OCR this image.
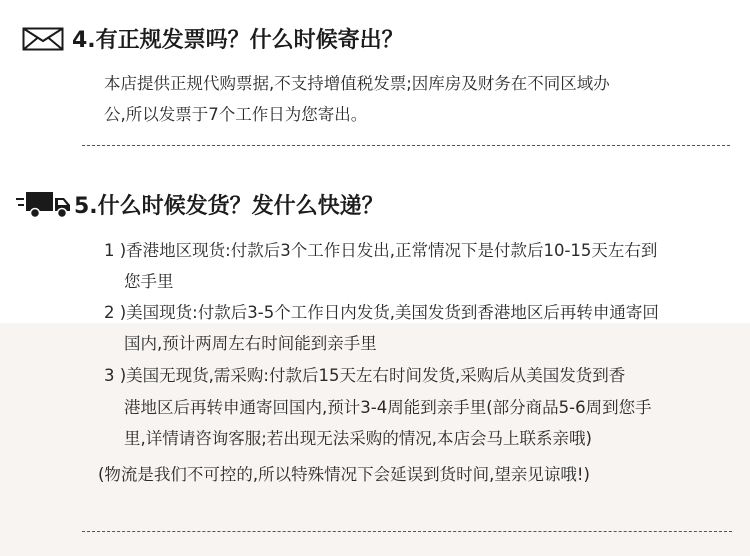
4.有正规发票吗？什么时候寄出？
本店提供正规代购票据,不支持增值税发票;因库房及财务在不同区域办
公,所以发票于7个工作日为您寄出。
5.什么时候发货？发什么快递？
1 )香港地区现货:付款后3个工作日发出,正常情况下是付款后10-15天左右到
您手里
2 )美国现货:付款后3-5个工作日内发货,美国发货到香港地区后再转申通寄回
国内,预计两周左右时间能到亲手里
3 )美国无现货,需采购:付款后15天左右时间发货,采购后从美国发货到香
港地区后再转申通寄回国内,预计3-4周能到亲手里(部分商品5-6周到您手
里,详情请咨询客服;若出现无法采购的情况,本店会马上联系亲哦)
(物流是我们不可控的,所以特殊情况下会延误到货时间,望亲见谅哦!)
